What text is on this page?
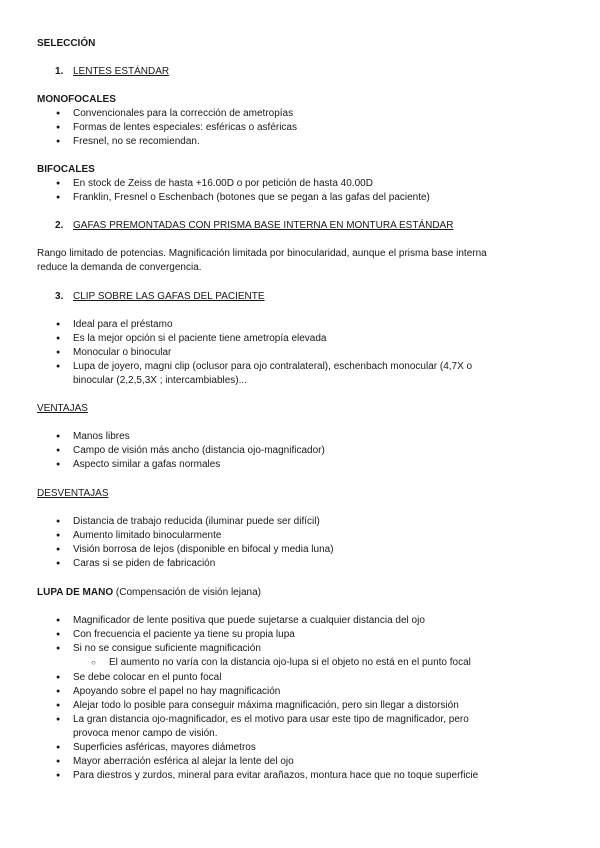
SELECCIÓN
1. LENTES ESTÁNDAR
MONOFOCALES
● Convencionales para la corrección de ametropías
● Formas de lentes especiales: esféricas o asféricas
● Fresnel, no se recomiendan.
BIFOCALES
● En stock de Zeiss de hasta +16.00D o por petición de hasta 40.00D
● Franklin, Fresnel o Eschenbach (botones que se pegan a las gafas del paciente)
2. GAFAS PREMONTADAS CON PRISMA BASE INTERNA EN MONTURA ESTÁNDAR
Rango limitado de potencias. Magnificación limitada por binocularidad, aunque el prisma base interna
reduce la demanda de convergencia.
3. CLIP SOBRE LAS GAFAS DEL PACIENTE
● Ideal para el préstamo
● Es la mejor opción si el paciente tiene ametropía elevada
● Monocular o binocular
● Lupa de joyero, magni clip (oclusor para ojo contralateral), eschenbach monocular (4,7X o
binocular (2,2,5,3X ; intercambiables)...
VENTAJAS
● Manos libres
● Campo de visión más ancho (distancia ojo-magnificador)
● Aspecto similar a gafas normales
DESVENTAJAS
● Distancia de trabajo reducida (iluminar puede ser difícil)
● Aumento limitado binocularmente
● Visión borrosa de lejos (disponible en bifocal y media luna)
● Caras si se piden de fabricación
LUPA DE MANO (Compensación de visión lejana)
● Magnificador de lente positiva que puede sujetarse a cualquier distancia del ojo
● Con frecuencia el paciente ya tiene su propia lupa
● Si no se consigue suficiente magnificación
○ El aumento no varía con la distancia ojo-lupa si el objeto no está en el punto focal
● Se debe colocar en el punto focal
● Apoyando sobre el papel no hay magnificación
● Alejar todo lo posible para conseguir máxima magnificación, pero sin llegar a distorsión
● La gran distancia ojo-magnificador, es el motivo para usar este tipo de magnificador, pero
provoca menor campo de visión.
● Superficies asféricas, mayores diámetros
● Mayor aberración esférica al alejar la lente del ojo
● Para diestros y zurdos, mineral para evitar arañazos, montura hace que no toque superficie
